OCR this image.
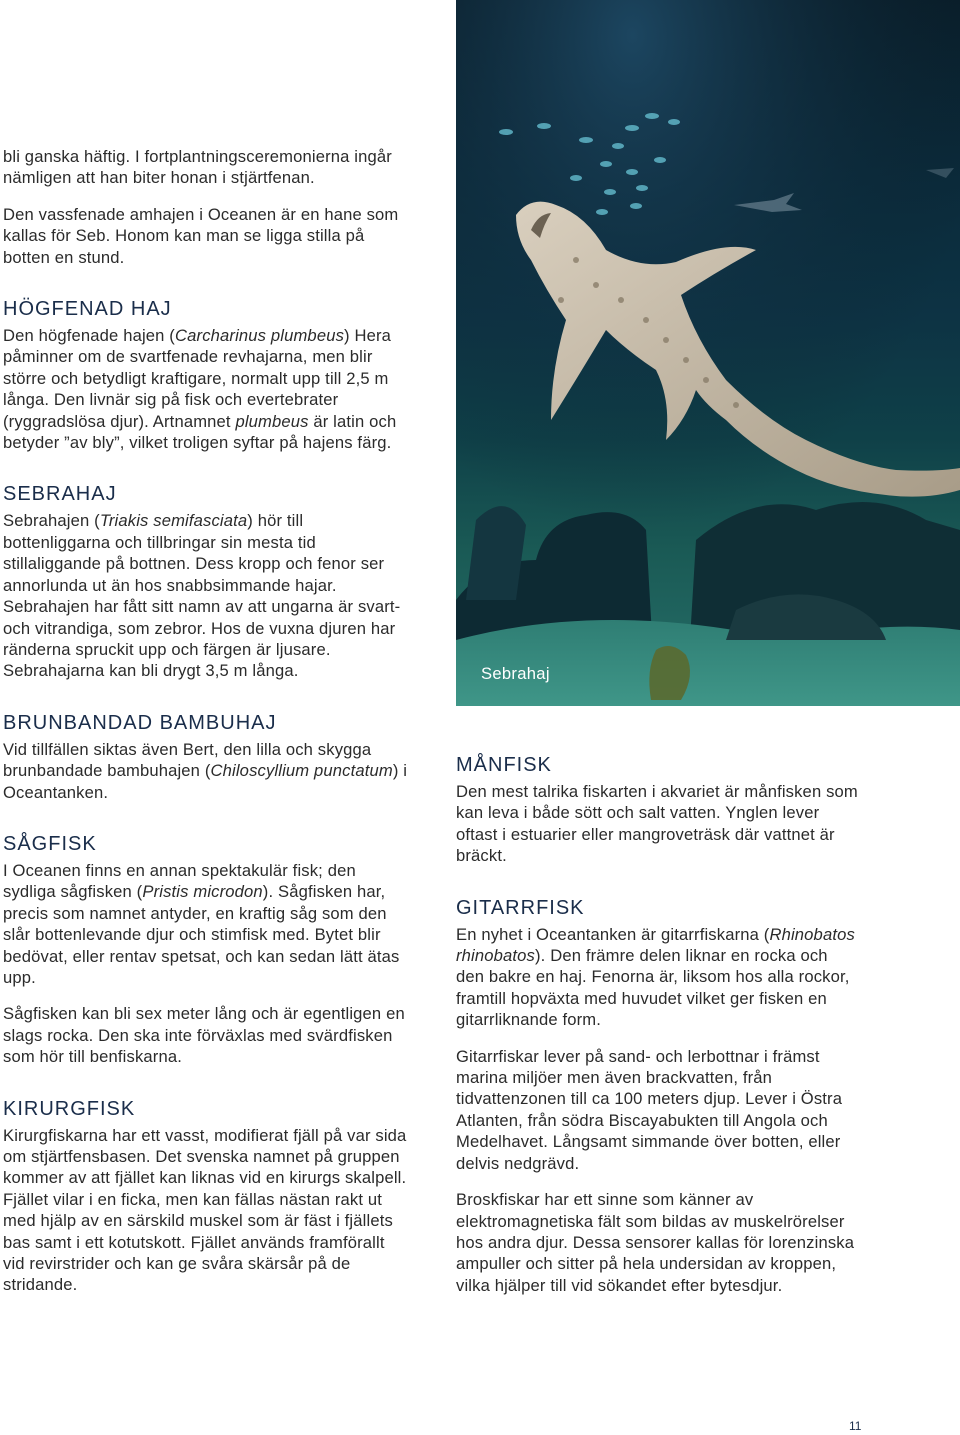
bli ganska häftig. I fortplantningsceremonierna ingår nämligen att han biter honan i stjärtfenan.

Den vassfenade amhajen i Oceanen är en hane som kallas för Seb. Honom kan man se ligga stilla på botten en stund.

HÖGFENAD HAJ

Den högfenade hajen (Carcharinus plumbeus) Hera påminner om de svartfenade revhajarna, men blir större och betydligt kraftigare, normalt upp till 2,5 m långa. Den livnär sig på fisk och evertebrater (ryggradslösa djur). Artnamnet plumbeus är latin och betyder ”av bly”, vilket troligen syftar på hajens färg.

SEBRAHAJ

Sebrahajen (Triakis semifasciata) hör till bottenliggarna och tillbringar sin mesta tid stillaliggande på bottnen. Dess kropp och fenor ser annorlunda ut än hos snabbsimmande hajar. Sebrahajen har fått sitt namn av att ungarna är svart- och vitrandiga, som zebror. Hos de vuxna djuren har ränderna spruckit upp och färgen är ljusare. Sebrahajarna kan bli drygt 3,5 m långa.

BRUNBANDAD BAMBUHAJ

Vid tillfällen siktas även Bert, den lilla och skygga brunbandade bambuhajen (Chiloscyllium punctatum) i Oceantanken.

SÅGFISK

I Oceanen finns en annan spektakulär fisk; den sydliga sågfisken (Pristis microdon). Sågfisken har, precis som namnet antyder, en kraftig såg som den slår bottenlevande djur och stimfisk med. Bytet blir bedövat, eller rentav spetsat, och kan sedan lätt ätas upp.

Sågfisken kan bli sex meter lång och är egentligen en slags rocka. Den ska inte förväxlas med svärdfisken som hör till benfiskarna.

KIRURGFISK

Kirurgfiskarna har ett vasst, modifierat fjäll på var sida om stjärtfensbasen. Det svenska namnet på gruppen kommer av att fjället kan liknas vid en kirurgs skalpell. Fjället vilar i en ficka, men kan fällas nästan rakt ut med hjälp av en särskild muskel som är fäst i fjällets bas samt i ett kotutskott. Fjället används framförallt vid revirstrider och kan ge svåra skärsår på de stridande.

Sebrahaj
MÅNFISK

Den mest talrika fiskarten i akvariet är månfisken som kan leva i både sött och salt vatten. Ynglen lever oftast i estuarier eller mangroveträsk där vattnet är bräckt.

GITARRFISK

En nyhet i Oceantanken är gitarrfiskarna (Rhinobatos rhinobatos). Den främre delen liknar en rocka och den bakre en haj. Fenorna är, liksom hos alla rockor, framtill hopväxta med huvudet vilket ger fisken en gitarrliknande form.

Gitarrfiskar lever på sand- och lerbottnar i främst marina miljöer men även brackvatten, från tidvattenzonen till ca 100 meters djup. Lever i Östra Atlanten, från södra Biscayabukten till Angola och Medelhavet. Långsamt simmande över botten, eller delvis nedgrävd.

Broskfiskar har ett sinne som känner av elektromagnetiska fält som bildas av muskelrörelser hos andra djur. Dessa sensorer kallas för lorenzinska ampuller och sitter på hela undersidan av kroppen, vilka hjälper till vid sökandet efter bytesdjur.

11
